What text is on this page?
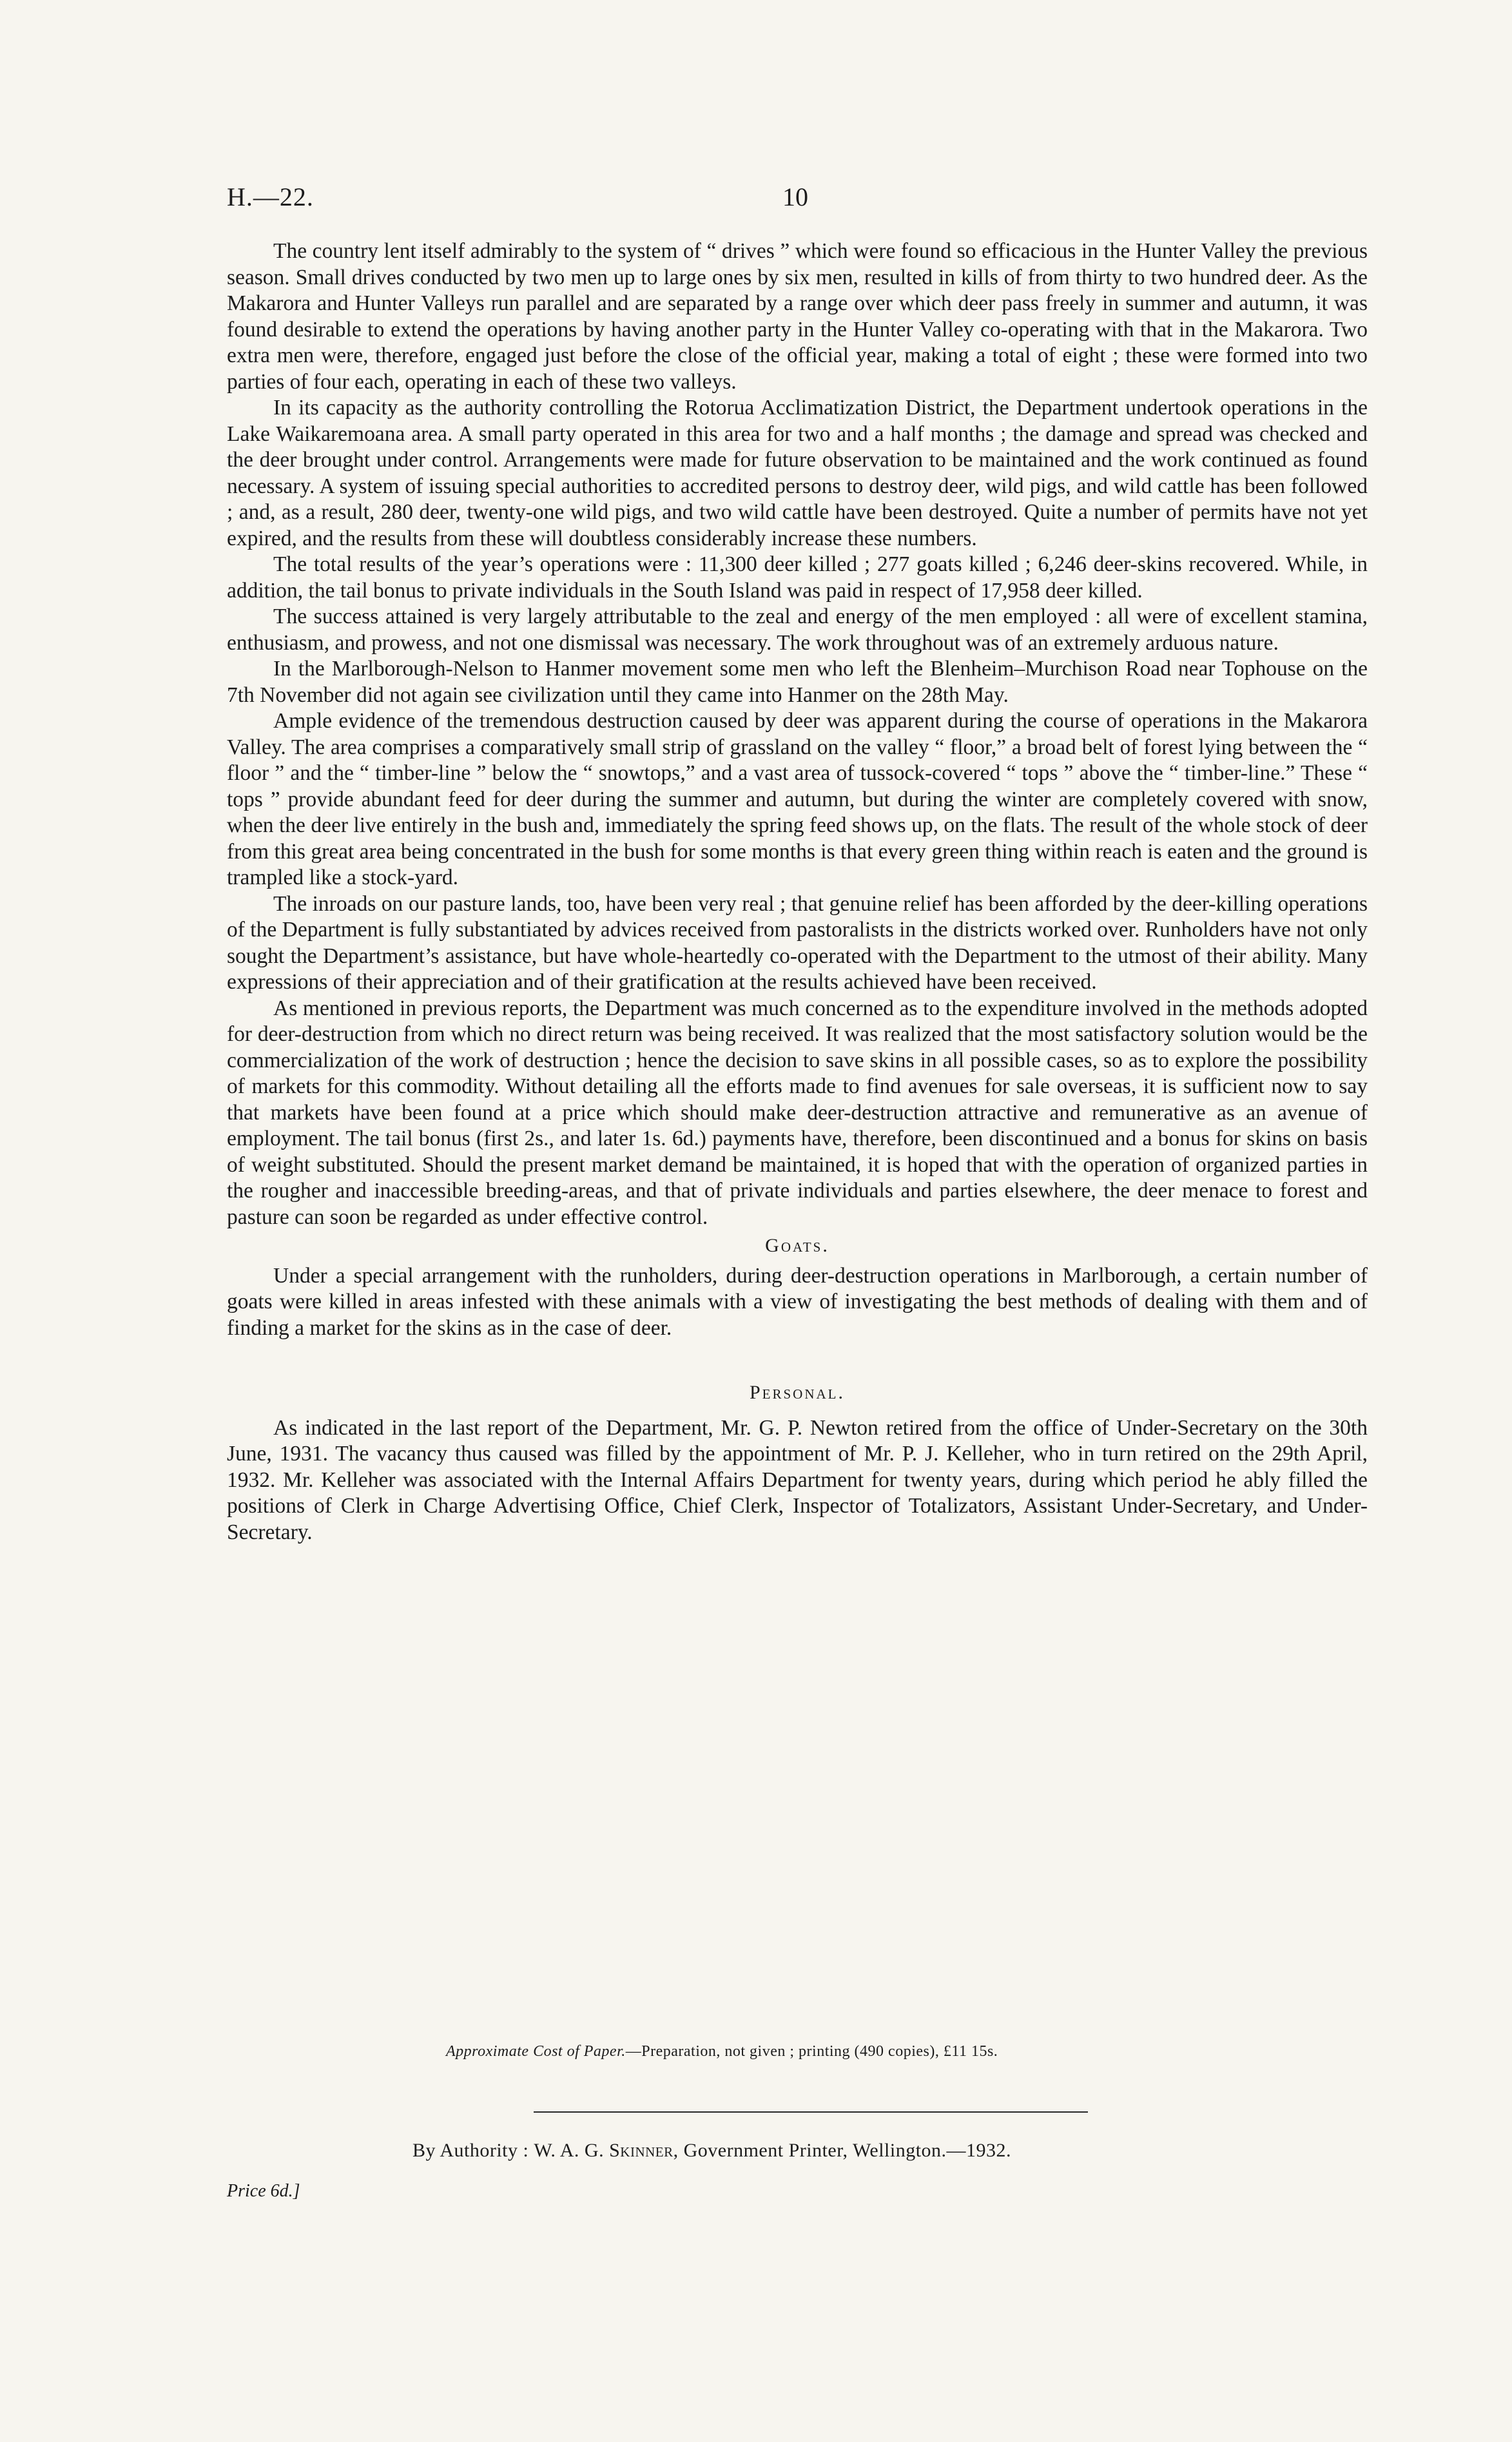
H.—22.	10

The country lent itself admirably to the system of “ drives ” which were found so efficacious in the Hunter Valley the previous season. Small drives conducted by two men up to large ones by six men, resulted in kills of from thirty to two hundred deer. As the Makarora and Hunter Valleys run parallel and are separated by a range over which deer pass freely in summer and autumn, it was found desirable to extend the operations by having another party in the Hunter Valley co-operating with that in the Makarora. Two extra men were, therefore, engaged just before the close of the official year, making a total of eight ; these were formed into two parties of four each, operating in each of these two valleys.

In its capacity as the authority controlling the Rotorua Acclimatization District, the Department undertook operations in the Lake Waikaremoana area. A small party operated in this area for two and a half months ; the damage and spread was checked and the deer brought under control. Arrangements were made for future observation to be maintained and the work continued as found necessary. A system of issuing special authorities to accredited persons to destroy deer, wild pigs, and wild cattle has been followed ; and, as a result, 280 deer, twenty-one wild pigs, and two wild cattle have been destroyed. Quite a number of permits have not yet expired, and the results from these will doubtless considerably increase these numbers.

The total results of the year’s operations were : 11,300 deer killed ; 277 goats killed ; 6,246 deer-skins recovered. While, in addition, the tail bonus to private individuals in the South Island was paid in respect of 17,958 deer killed.

The success attained is very largely attributable to the zeal and energy of the men employed : all were of excellent stamina, enthusiasm, and prowess, and not one dismissal was necessary. The work throughout was of an extremely arduous nature.

In the Marlborough-Nelson to Hanmer movement some men who left the Blenheim–Murchison Road near Tophouse on the 7th November did not again see civilization until they came into Hanmer on the 28th May.

Ample evidence of the tremendous destruction caused by deer was apparent during the course of operations in the Makarora Valley. The area comprises a comparatively small strip of grassland on the valley “ floor,” a broad belt of forest lying between the “ floor ” and the “ timber-line ” below the “ snowtops,” and a vast area of tussock-covered “ tops ” above the “ timber-line.” These “ tops ” provide abundant feed for deer during the summer and autumn, but during the winter are completely covered with snow, when the deer live entirely in the bush and, immediately the spring feed shows up, on the flats. The result of the whole stock of deer from this great area being concentrated in the bush for some months is that every green thing within reach is eaten and the ground is trampled like a stock-yard.

The inroads on our pasture lands, too, have been very real ; that genuine relief has been afforded by the deer-killing operations of the Department is fully substantiated by advices received from pastoralists in the districts worked over. Runholders have not only sought the Department’s assistance, but have whole-heartedly co-operated with the Department to the utmost of their ability. Many expressions of their appreciation and of their gratification at the results achieved have been received.

As mentioned in previous reports, the Department was much concerned as to the expenditure involved in the methods adopted for deer-destruction from which no direct return was being received. It was realized that the most satisfactory solution would be the commercialization of the work of destruction ; hence the decision to save skins in all possible cases, so as to explore the possibility of markets for this commodity. Without detailing all the efforts made to find avenues for sale overseas, it is sufficient now to say that markets have been found at a price which should make deer-destruction attractive and remunerative as an avenue of employment. The tail bonus (first 2s., and later 1s. 6d.) payments have, therefore, been discontinued and a bonus for skins on basis of weight substituted. Should the present market demand be maintained, it is hoped that with the operation of organized parties in the rougher and inaccessible breeding-areas, and that of private individuals and parties elsewhere, the deer menace to forest and pasture can soon be regarded as under effective control.

Goats.

Under a special arrangement with the runholders, during deer-destruction operations in Marlborough, a certain number of goats were killed in areas infested with these animals with a view of investigating the best methods of dealing with them and of finding a market for the skins as in the case of deer.

Personal.

As indicated in the last report of the Department, Mr. G. P. Newton retired from the office of Under-Secretary on the 30th June, 1931. The vacancy thus caused was filled by the appointment of Mr. P. J. Kelleher, who in turn retired on the 29th April, 1932. Mr. Kelleher was associated with the Internal Affairs Department for twenty years, during which period he ably filled the positions of Clerk in Charge Advertising Office, Chief Clerk, Inspector of Totalizators, Assistant Under-Secretary, and Under-Secretary.

Approximate Cost of Paper.—Preparation, not given ; printing (490 copies), £11 15s.
By Authority : W. A. G. Skinner, Government Printer, Wellington.—1932.
Price 6d.]
